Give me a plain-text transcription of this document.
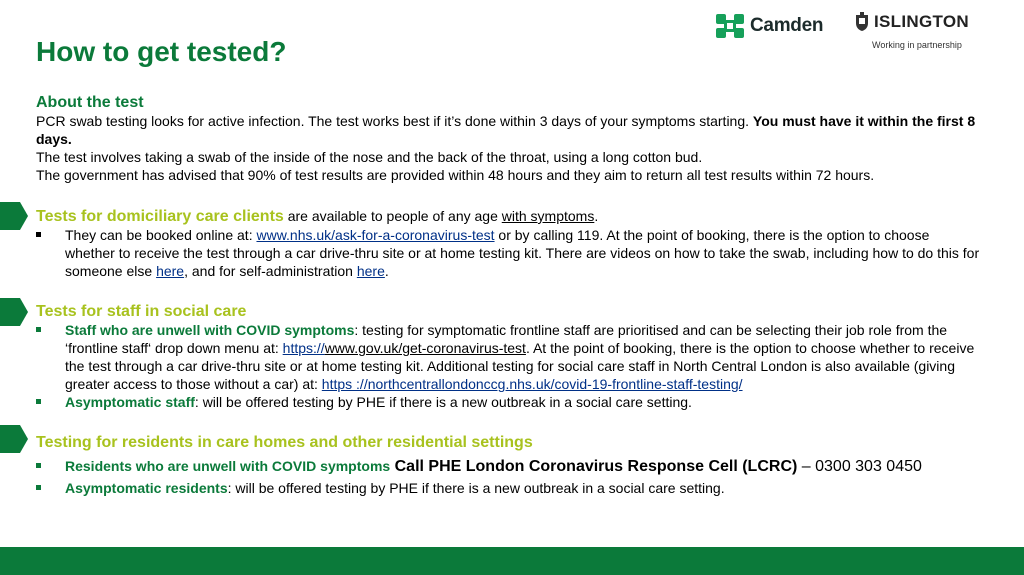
Camden	ISLINGTON
Working in partnership
How to get tested?
About the test

PCR swab testing looks for active infection. The test works best if it’s done within 3 days of your symptoms starting. You must have it within the first 8 days.

The test involves taking a swab of the inside of the nose and the back of the throat, using a long cotton bud.

The government has advised that 90% of test results are provided within 48 hours and they aim to return all test results within 72 hours.

Tests for domiciliary care clients are available to people of any age with symptoms.

They can be booked online at: www.nhs.uk/ask-for-a-coronavirus-test or by calling 119. At the point of booking, there is the option to choose whether to receive the test through a car drive-thru site or at home testing kit. There are videos on how to take the swab, including how to do this for someone else here, and for self-administration here.
Tests for staff in social care
Staff who are unwell with COVID symptoms: testing for symptomatic frontline staff are prioritised and can be selecting their job role from the ‘frontline staff‘ drop down menu at: https://www.gov.uk/get-coronavirus-test. At the point of booking, there is the option to choose whether to receive the test through a car drive-thru site or at home testing kit. Additional testing for social care staff in North Central London is also available (giving greater access to those without a car) at: https ://northcentrallondonccg.nhs.uk/covid-19-frontline-staff-testing/
Asymptomatic staff: will be offered testing by PHE if there is a new outbreak in a social care setting.
Testing for residents in care homes and other residential settings
Residents who are unwell with COVID symptoms Call PHE London Coronavirus Response Cell (LCRC) – 0300 303 0450
Asymptomatic residents: will be offered testing by PHE if there is a new outbreak in a social care setting.
